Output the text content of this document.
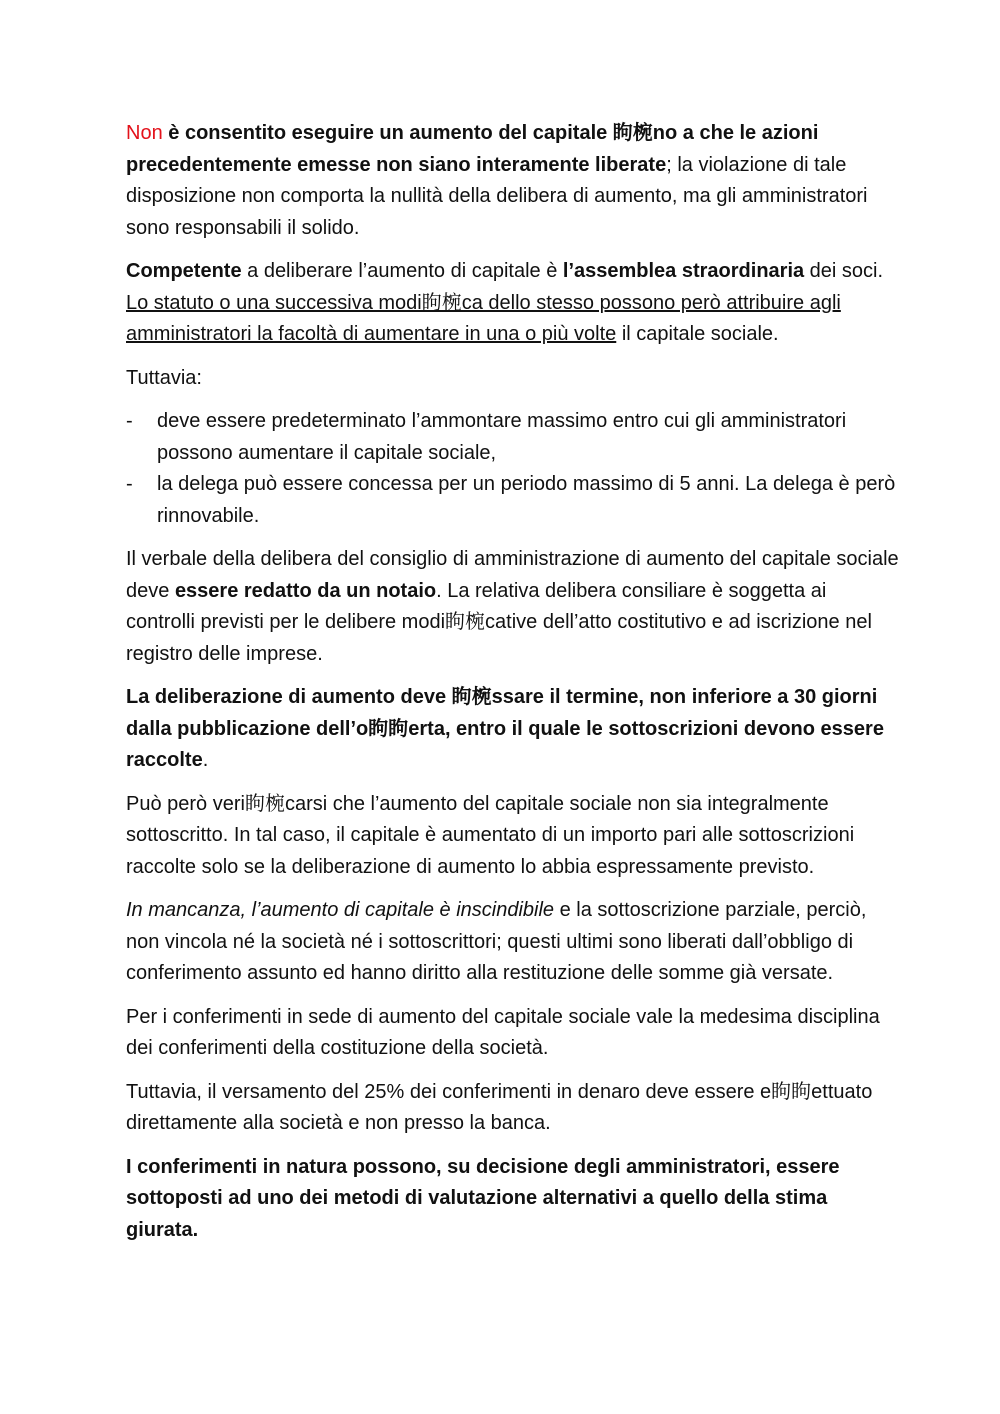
Non è consentito eseguire un aumento del capitale 眗椀no a che le azioni precedentemente emesse non siano interamente liberate; la violazione di tale disposizione non comporta la nullità della delibera di aumento, ma gli amministratori sono responsabili il solido.

Competente a deliberare l’aumento di capitale è l’assemblea straordinaria dei soci. Lo statuto o una successiva modi眗椀ca dello stesso possono però attribuire agli amministratori la facoltà di aumentare in una o più volte il capitale sociale.

Tuttavia:

- deve essere predeterminato l’ammontare massimo entro cui gli amministratori possono aumentare il capitale sociale,
- la delega può essere concessa per un periodo massimo di 5 anni. La delega è però rinnovabile.

Il verbale della delibera del consiglio di amministrazione di aumento del capitale sociale deve essere redatto da un notaio. La relativa delibera consiliare è soggetta ai controlli previsti per le delibere modi眗椀cative dell’atto costitutivo e ad iscrizione nel registro delle imprese.

La deliberazione di aumento deve 眗椀ssare il termine, non inferiore a 30 giorni dalla pubblicazione dell’o眗眗erta, entro il quale le sottoscrizioni devono essere raccolte.

Può però veri眗椀carsi che l’aumento del capitale sociale non sia integralmente sottoscritto. In tal caso, il capitale è aumentato di un importo pari alle sottoscrizioni raccolte solo se la deliberazione di aumento lo abbia espressamente previsto.

In mancanza, l’aumento di capitale è inscindibile e la sottoscrizione parziale, perciò, non vincola né la società né i sottoscrittori; questi ultimi sono liberati dall’obbligo di conferimento assunto ed hanno diritto alla restituzione delle somme già versate.

Per i conferimenti in sede di aumento del capitale sociale vale la medesima disciplina dei conferimenti della costituzione della società.

Tuttavia, il versamento del 25% dei conferimenti in denaro deve essere e眗眗ettuato direttamente alla società e non presso la banca.

I conferimenti in natura possono, su decisione degli amministratori, essere sottoposti ad uno dei metodi di valutazione alternativi a quello della stima giurata.
